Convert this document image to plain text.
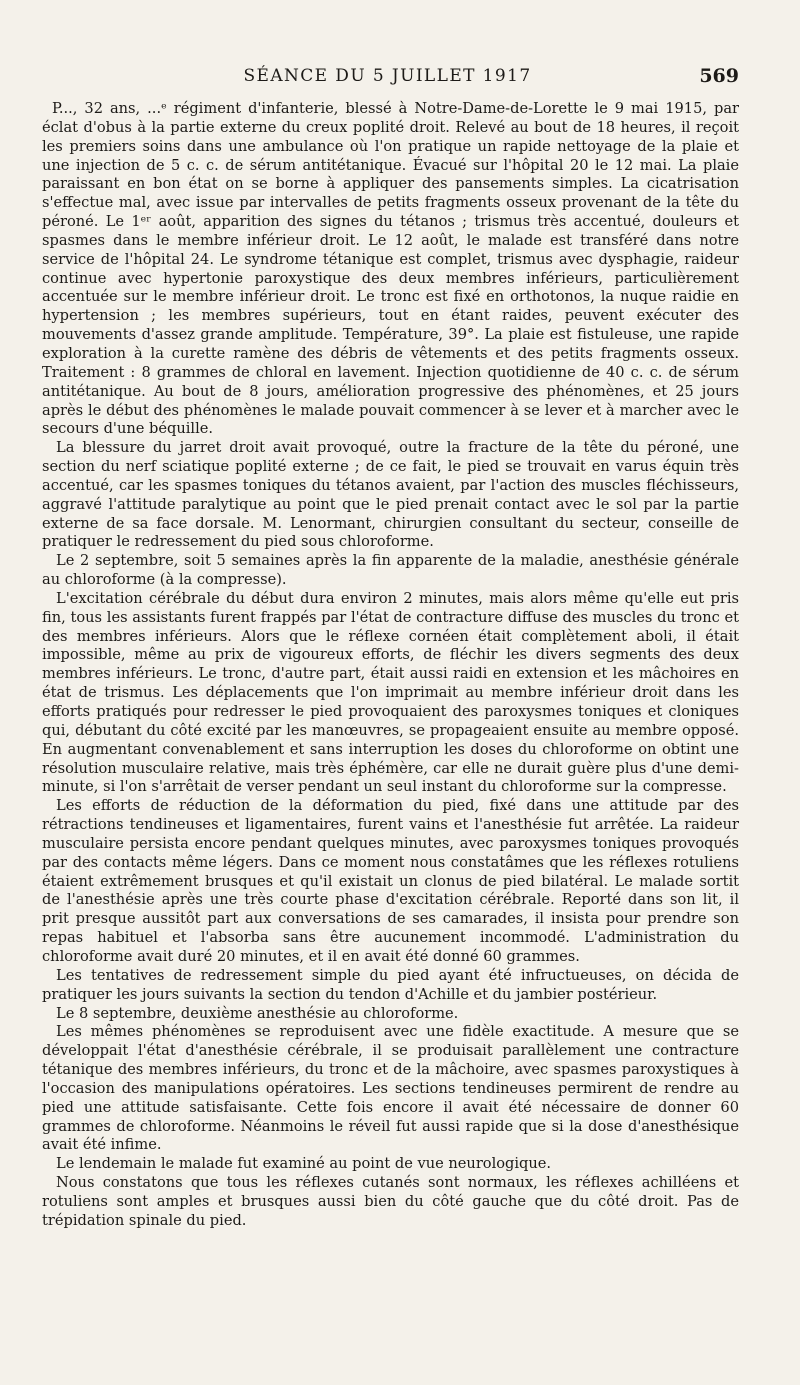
SÉANCE DU 5 JUILLET 1917	569

P..., 32 ans, ...ᵉ régiment d'infanterie, blessé à Notre-Dame-de-Lorette le 9 mai 1915, par éclat d'obus à la partie externe du creux poplité droit. Relevé au bout de 18 heures, il reçoit les premiers soins dans une ambulance où l'on pratique un rapide nettoyage de la plaie et une injection de 5 c. c. de sérum antitétanique. Évacué sur l'hôpital 20 le 12 mai. La plaie paraissant en bon état on se borne à appliquer des pansements simples. La cicatrisation s'effectue mal, avec issue par intervalles de petits fragments osseux provenant de la tête du péroné. Le 1ᵉʳ août, apparition des signes du tétanos ; trismus très accentué, douleurs et spasmes dans le membre inférieur droit. Le 12 août, le malade est transféré dans notre service de l'hôpital 24. Le syndrome tétanique est complet, trismus avec dysphagie, raideur continue avec hypertonie paroxystique des deux membres inférieurs, particulièrement accentuée sur le membre inférieur droit. Le tronc est fixé en orthotonos, la nuque raidie en hypertension ; les membres supérieurs, tout en étant raides, peuvent exécuter des mouvements d'assez grande amplitude. Température, 39°. La plaie est fistuleuse, une rapide exploration à la curette ramène des débris de vêtements et des petits fragments osseux. Traitement : 8 grammes de chloral en lavement. Injection quotidienne de 40 c. c. de sérum antitétanique. Au bout de 8 jours, amélioration progressive des phénomènes, et 25 jours après le début des phénomènes le malade pouvait commencer à se lever et à marcher avec le secours d'une béquille.

La blessure du jarret droit avait provoqué, outre la fracture de la tête du péroné, une section du nerf sciatique poplité externe ; de ce fait, le pied se trouvait en varus équin très accentué, car les spasmes toniques du tétanos avaient, par l'action des muscles fléchisseurs, aggravé l'attitude paralytique au point que le pied prenait contact avec le sol par la partie externe de sa face dorsale. M. Lenormant, chirurgien consultant du secteur, conseille de pratiquer le redressement du pied sous chloroforme.

Le 2 septembre, soit 5 semaines après la fin apparente de la maladie, anesthésie générale au chloroforme (à la compresse).

L'excitation cérébrale du début dura environ 2 minutes, mais alors même qu'elle eut pris fin, tous les assistants furent frappés par l'état de contracture diffuse des muscles du tronc et des membres inférieurs. Alors que le réflexe cornéen était complètement aboli, il était impossible, même au prix de vigoureux efforts, de fléchir les divers segments des deux membres inférieurs. Le tronc, d'autre part, était aussi raidi en extension et les mâchoires en état de trismus. Les déplacements que l'on imprimait au membre inférieur droit dans les efforts pratiqués pour redresser le pied provoquaient des paroxysmes toniques et cloniques qui, débutant du côté excité par les manœuvres, se propageaient ensuite au membre opposé. En augmentant convenablement et sans interruption les doses du chloroforme on obtint une résolution musculaire relative, mais très éphémère, car elle ne durait guère plus d'une demi-minute, si l'on s'arrêtait de verser pendant un seul instant du chloroforme sur la compresse.

Les efforts de réduction de la déformation du pied, fixé dans une attitude par des rétractions tendineuses et ligamentaires, furent vains et l'anesthésie fut arrêtée. La raideur musculaire persista encore pendant quelques minutes, avec paroxysmes toniques provoqués par des contacts même légers. Dans ce moment nous constatâmes que les réflexes rotuliens étaient extrêmement brusques et qu'il existait un clonus de pied bilatéral. Le malade sortit de l'anesthésie après une très courte phase d'excitation cérébrale. Reporté dans son lit, il prit presque aussitôt part aux conversations de ses camarades, il insista pour prendre son repas habituel et l'absorba sans être aucunement incommodé. L'administration du chloroforme avait duré 20 minutes, et il en avait été donné 60 grammes.

Les tentatives de redressement simple du pied ayant été infructueuses, on décida de pratiquer les jours suivants la section du tendon d'Achille et du jambier postérieur.

Le 8 septembre, deuxième anesthésie au chloroforme.

Les mêmes phénomènes se reproduisent avec une fidèle exactitude. A mesure que se développait l'état d'anesthésie cérébrale, il se produisait parallèlement une contracture tétanique des membres inférieurs, du tronc et de la mâchoire, avec spasmes paroxystiques à l'occasion des manipulations opératoires. Les sections tendineuses permirent de rendre au pied une attitude satisfaisante. Cette fois encore il avait été nécessaire de donner 60 grammes de chloroforme. Néanmoins le réveil fut aussi rapide que si la dose d'anesthésique avait été infime.

Le lendemain le malade fut examiné au point de vue neurologique.

Nous constatons que tous les réflexes cutanés sont normaux, les réflexes achilléens et rotuliens sont amples et brusques aussi bien du côté gauche que du côté droit. Pas de trépidation spinale du pied.
